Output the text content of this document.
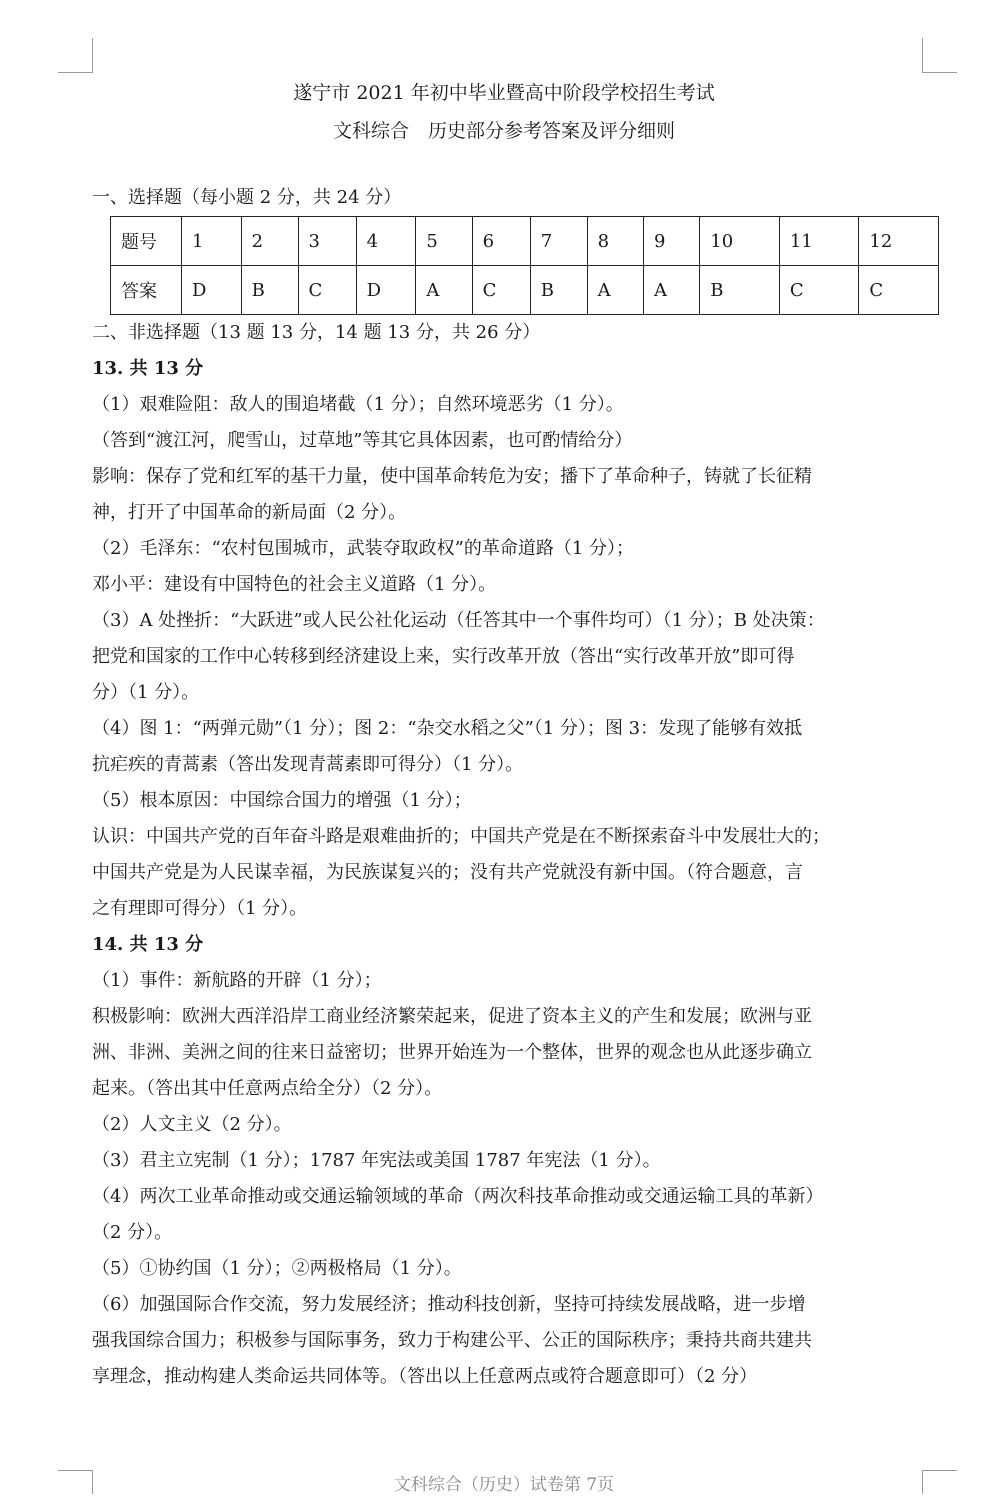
遂宁市 2021 年初中毕业暨高中阶段学校招生考试
文科综合　历史部分参考答案及评分细则
一、选择题（每小题 2 分，共 24 分）
题号	1	2	3	4	5	6	7	8	9	10	11	12
答案	D	B	C	D	A	C	B	A	A	B	C	C
二、非选择题（13 题 13 分，14 题 13 分，共 26 分）
13. 共 13 分
（1）艰难险阻：敌人的围追堵截（1 分）；自然环境恶劣（1 分）。
（答到“渡江河，爬雪山，过草地”等其它具体因素，也可酌情给分）
影响：保存了党和红军的基干力量，使中国革命转危为安；播下了革命种子，铸就了长征精
神，打开了中国革命的新局面（2 分）。
（2）毛泽东：“农村包围城市，武装夺取政权”的革命道路（1 分）；
邓小平：建设有中国特色的社会主义道路（1 分）。
（3）A 处挫折：“大跃进”或人民公社化运动（任答其中一个事件均可）（1 分）；B 处决策：
把党和国家的工作中心转移到经济建设上来，实行改革开放（答出“实行改革开放”即可得
分）（1 分）。
（4）图 1：“两弹元勋”（1 分）；图 2：“杂交水稻之父”（1 分）；图 3：发现了能够有效抵
抗疟疾的青蒿素（答出发现青蒿素即可得分）（1 分）。
（5）根本原因：中国综合国力的增强（1 分）；
认识：中国共产党的百年奋斗路是艰难曲折的；中国共产党是在不断探索奋斗中发展壮大的；
中国共产党是为人民谋幸福，为民族谋复兴的；没有共产党就没有新中国。（符合题意，言
之有理即可得分）（1 分）。
14. 共 13 分
（1）事件：新航路的开辟（1 分）；
积极影响：欧洲大西洋沿岸工商业经济繁荣起来，促进了资本主义的产生和发展；欧洲与亚
洲、非洲、美洲之间的往来日益密切；世界开始连为一个整体，世界的观念也从此逐步确立
起来。（答出其中任意两点给全分）（2 分）。
（2）人文主义（2 分）。
（3）君主立宪制（1 分）；1787 年宪法或美国 1787 年宪法（1 分）。
（4）两次工业革命推动或交通运输领域的革命（两次科技革命推动或交通运输工具的革新）
（2 分）。
（5）①协约国（1 分）；②两极格局（1 分）。
（6）加强国际合作交流，努力发展经济；推动科技创新，坚持可持续发展战略，进一步增
强我国综合国力；积极参与国际事务，致力于构建公平、公正的国际秩序；秉持共商共建共
享理念，推动构建人类命运共同体等。（答出以上任意两点或符合题意即可）（2 分）
文科综合（历史）试卷第 7页
